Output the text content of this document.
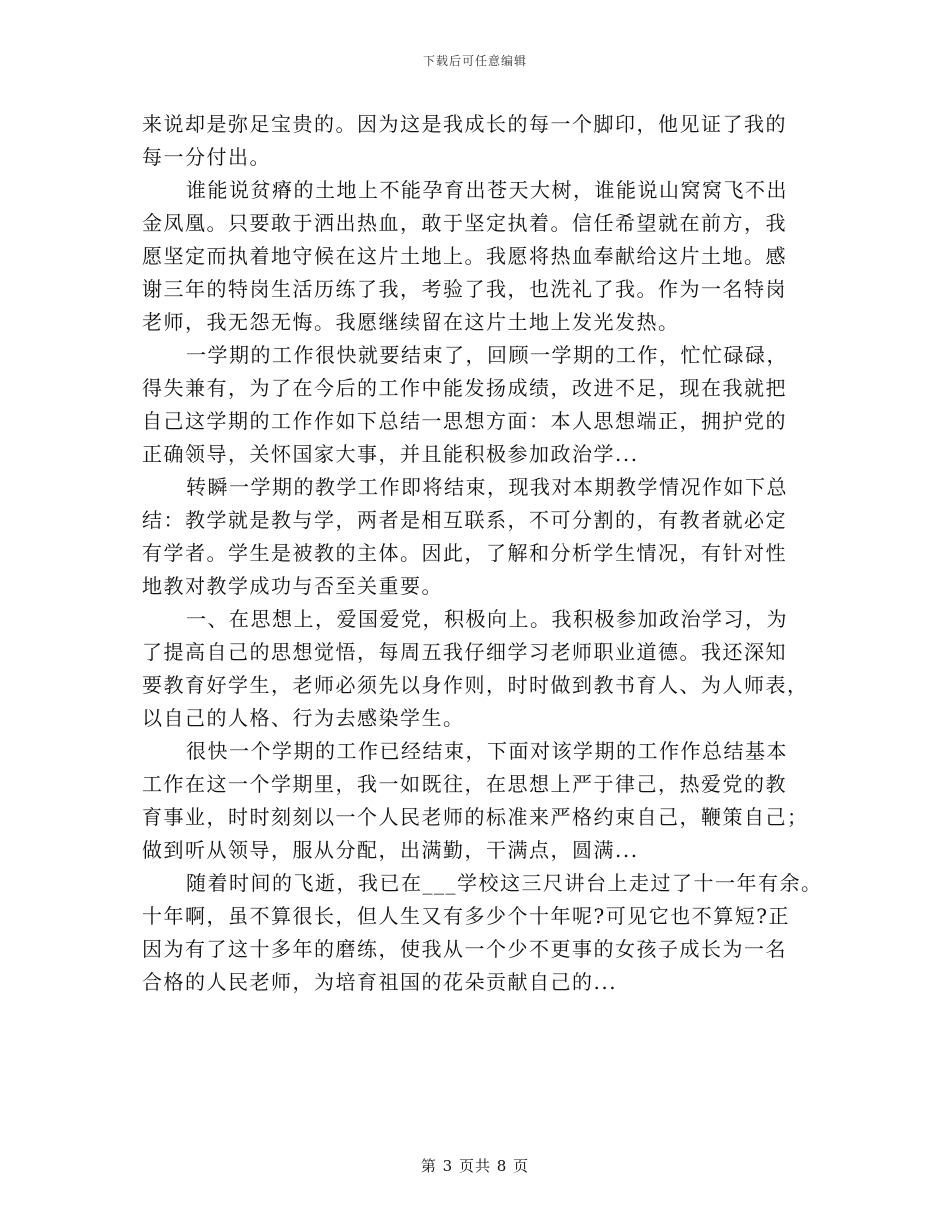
下载后可任意编辑
来说却是弥足宝贵的。因为这是我成长的每一个脚印，他见证了我的
每一分付出。
谁能说贫瘠的土地上不能孕育出苍天大树，谁能说山窝窝飞不出
金凤凰。只要敢于洒出热血，敢于坚定执着。信任希望就在前方，我
愿坚定而执着地守候在这片土地上。我愿将热血奉献给这片土地。感
谢三年的特岗生活历练了我，考验了我，也洗礼了我。作为一名特岗
老师，我无怨无悔。我愿继续留在这片土地上发光发热。
一学期的工作很快就要结束了，回顾一学期的工作，忙忙碌碌，
得失兼有，为了在今后的工作中能发扬成绩，改进不足，现在我就把
自己这学期的工作作如下总结一思想方面：本人思想端正，拥护党的
正确领导，关怀国家大事，并且能积极参加政治学...
转瞬一学期的教学工作即将结束，现我对本期教学情况作如下总
结：教学就是教与学，两者是相互联系，不可分割的，有教者就必定
有学者。学生是被教的主体。因此，了解和分析学生情况，有针对性
地教对教学成功与否至关重要。
一、在思想上，爱国爱党，积极向上。我积极参加政治学习，为
了提高自己的思想觉悟，每周五我仔细学习老师职业道德。我还深知
要教育好学生，老师必须先以身作则，时时做到教书育人、为人师表，
以自己的人格、行为去感染学生。
很快一个学期的工作已经结束，下面对该学期的工作作总结基本
工作在这一个学期里，我一如既往，在思想上严于律己，热爱党的教
育事业，时时刻刻以一个人民老师的标准来严格约束自己，鞭策自己；
做到听从领导，服从分配，出满勤，干满点，圆满...
随着时间的飞逝，我已在___学校这三尺讲台上走过了十一年有余。
十年啊，虽不算很长，但人生又有多少个十年呢?可见它也不算短?正
因为有了这十多年的磨练，使我从一个少不更事的女孩子成长为一名
合格的人民老师，为培育祖国的花朵贡献自己的...
第 3 页共 8 页
